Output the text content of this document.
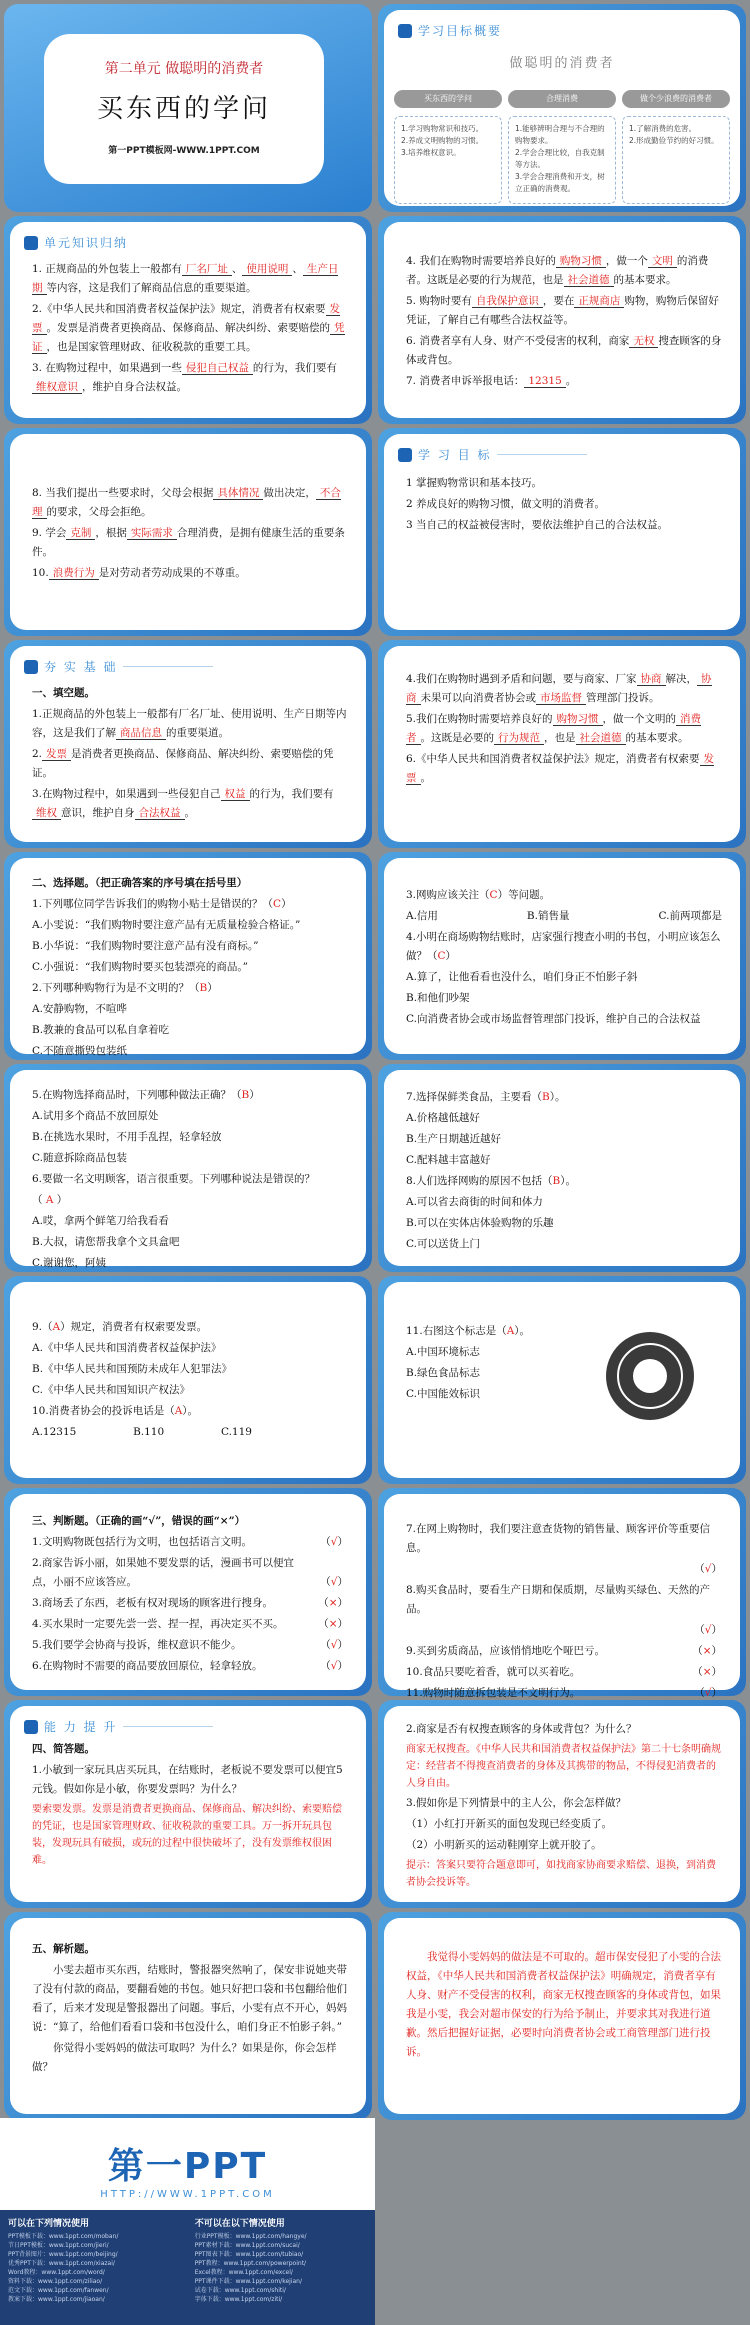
第二单元 做聪明的消费者
买东西的学问
第一PPT模板网-WWW.1PPT.COM
学习目标概要
做聪明的消费者
买东西的学问	合理消费	做个少浪费的消费者
1.学习购物常识和技巧。
2.养成文明购物的习惯。
3.培养维权意识。
1.能够辨明合理与不合理的购物要求。
2.学会合理比较，自我克制等方法。
3.学会合理消费和开支，树立正确的消费观。
1.了解消费的危害。
2.形成勤俭节约的好习惯。
单元知识归纳

1. 正规商品的外包装上一般都有 厂名厂址 、 使用说明 、 生产日期 等内容，这是我们了解商品信息的重要渠道。

2.《中华人民共和国消费者权益保护法》规定，消费者有权索要 发票 。发票是消费者更换商品、保修商品、解决纠纷、索要赔偿的 凭证 ，也是国家管理财政、征收税款的重要工具。

3. 在购物过程中，如果遇到一些 侵犯自己权益 的行为，我们要有维权意识 ，维护自身合法权益。

4. 我们在购物时需要培养良好的 购物习惯 ，做一个 文明 的消费者。这既是必要的行为规范，也是 社会道德 的基本要求。

5. 购物时要有 自我保护意识 ，要在 正规商店 购物，购物后保留好凭证，了解自己有哪些合法权益等。

6. 消费者享有人身、财产不受侵害的权利，商家 无权 搜查顾客的身体或背包。

7. 消费者申诉举报电话： 12315 。

8. 当我们提出一些要求时，父母会根据 具体情况 做出决定， 不合理 的要求，父母会拒绝。

9. 学会 克制 ，根据 实际需求 合理消费，是拥有健康生活的重要条件。

10. 浪费行为 是对劳动者劳动成果的不尊重。

学 习 目 标

1 掌握购物常识和基本技巧。

2 养成良好的购物习惯，做文明的消费者。

3 当自己的权益被侵害时，要依法维护自己的合法权益。

夯 实 基 础

一、填空题。

1.正规商品的外包装上一般都有厂名厂址、使用说明、生产日期等内容，这是我们了解 商品信息 的重要渠道。

2. 发票 是消费者更换商品、保修商品、解决纠纷、索要赔偿的凭证。

3.在购物过程中，如果遇到一些侵犯自己 权益 的行为，我们要有维权 意识，维护自身 合法权益 。

4.我们在购物时遇到矛盾和问题，要与商家、厂家 协商 解决， 协商 未果可以向消费者协会或 市场监督 管理部门投诉。

5.我们在购物时需要培养良好的 购物习惯 ，做一个文明的 消费者 。这既是必要的 行为规范 ，也是 社会道德 的基本要求。

6.《中华人民共和国消费者权益保护法》规定，消费者有权索要 发票 。

二、选择题。（把正确答案的序号填在括号里）

1.下列哪位同学告诉我们的购物小贴士是错误的？（C）

A.小雯说：“我们购物时要注意产品有无质量检验合格证。”

B.小华说：“我们购物时要注意产品有没有商标。”

C.小强说：“我们购物时要买包装漂亮的商品。”

2.下列哪种购物行为是不文明的？（B）

A.安静购物，不喧哗

B.教兼的食品可以私自拿着吃

C.不随意撕毁包装纸

3.网购应该关注（C）等问题。

A.信用	B.销售量	C.前两项都是

4.小明在商场购物结账时，店家强行搜查小明的书包，小明应该怎么做？（C）

A.算了，让他看看也没什么，咱们身正不怕影子斜

B.和他们吵架

C.向消费者协会或市场监督管理部门投诉，维护自己的合法权益

5.在购物选择商品时，下列哪种做法正确？（B）

A.试用多个商品不放回原处

B.在挑选水果时，不用手乱捏，轻拿轻放

C.随意拆除商品包装

6.要做一名文明顾客，语言很重要。下列哪种说法是错误的？

（ A ）

A.哎，拿两个鲜笔刀给我看看

B.大叔，请您帮我拿个文具盒吧

C.谢谢您，阿姨

7.选择保鲜类食品，主要看（B）。

A.价格越低越好

B.生产日期越近越好

C.配料越丰富越好

8.人们选择网购的原因不包括（B）。

A.可以省去商街的时间和体力

B.可以在实体店体验购物的乐趣

C.可以送货上门

9.（A）规定，消费者有权索要发票。

A.《中华人民共和国消费者权益保护法》

B.《中华人民共和国预防未成年人犯罪法》

C.《中华人民共和国知识产权法》

10.消费者协会的投诉电话是（A）。

A.12315	B.110	C.119

11.右图这个标志是（A）。

A.中国环境标志

B.绿色食品标志

C.中国能效标识

三、判断题。（正确的画“√”，错误的画“×”）

1.文明购物既包括行为文明，也包括语言文明。	（√）

2.商家告诉小丽，如果她不要发票的话，漫画书可以便宜点，小丽不应该答应。	（√）

3.商场丢了东西，老板有权对现场的顾客进行搜身。	（×）

4.买水果时一定要先尝一尝、捏一捏，再决定买不买。	（×）

5.我们要学会协商与投诉，维权意识不能少。	（√）

6.在购物时不需要的商品要放回原位，轻拿轻放。	（√）

7.在网上购物时，我们要注意查货物的销售量、顾客评价等重要信息。

（√）

8.购买食品时，要看生产日期和保质期，尽量购买绿色、天然的产品。

（√）

9.买到劣质商品，应该悄悄地吃个哑巴亏。	（×）

10.食品只要吃着香，就可以买着吃。	（×）

11.购物时随意拆包装是不文明行为。	（√）

能 力 提 升

四、简答题。

1.小敏到一家玩具店买玩具，在结账时，老板说不要发票可以便宜5元钱。假如你是小敏，你要发票吗？为什么？

要索要发票。发票是消费者更换商品、保修商品、解决纠纷、索要赔偿的凭证，也是国家管理财政、征收税款的重要工具。万一拆开玩具包装，发现玩具有破损，或玩的过程中很快破坏了，没有发票维权很困难。

2.商家是否有权搜查顾客的身体或背包？为什么？

商家无权搜查。《中华人民共和国消费者权益保护法》第二十七条明确规定：经营者不得搜查消费者的身体及其携带的物品，不得侵犯消费者的人身自由。

3.假如你是下列情景中的主人公，你会怎样做？

（1）小红打开新买的面包发现已经变质了。

（2）小明新买的运动鞋刚穿上就开胶了。

提示：答案只要符合题意即可，如找商家协商要求赔偿、退换，到消费者协会投诉等。

五、解析题。

小雯去超市买东西，结账时，警报器突然响了，保安非说她夹带了没有付款的商品，要翻看她的书包。她只好把口袋和书包翻给他们看了，后来才发现是警报器出了问题。事后，小雯有点不开心，妈妈说：“算了，给他们看看口袋和书包没什么，咱们身正不怕影子斜。”

你觉得小雯妈妈的做法可取吗？为什么？如果是你，你会怎样做？

我觉得小雯妈妈的做法是不可取的。超市保安侵犯了小雯的合法权益，《中华人民共和国消费者权益保护法》明确规定，消费者享有人身、财产不受侵害的权利，商家无权搜查顾客的身体或背包，如果我是小雯，我会对超市保安的行为给予制止，并要求其对我进行道歉。然后把握好证据，必要时向消费者协会或工商管理部门进行投诉。

第一PPT
HTTP://WWW.1PPT.COM
可以在下列情况使用
PPT模板下载：www.1ppt.com/moban/
节日PPT模板：www.1ppt.com/jieri/
PPT背景图片：www.1ppt.com/beijing/
优秀PPT下载：www.1ppt.com/xiazai/
Word教程：www.1ppt.com/word/
资料下载：www.1ppt.com/ziliao/
范文下载：www.1ppt.com/fanwen/
教案下载：www.1ppt.com/jiaoan/
不可以在以下情况使用
行业PPT模板：www.1ppt.com/hangye/
PPT素材下载：www.1ppt.com/sucai/
PPT图表下载：www.1ppt.com/tubiao/
PPT教程：www.1ppt.com/powerpoint/
Excel教程：www.1ppt.com/excel/
PPT课件下载：www.1ppt.com/kejian/
试卷下载：www.1ppt.com/shiti/
字体下载：www.1ppt.com/ziti/
